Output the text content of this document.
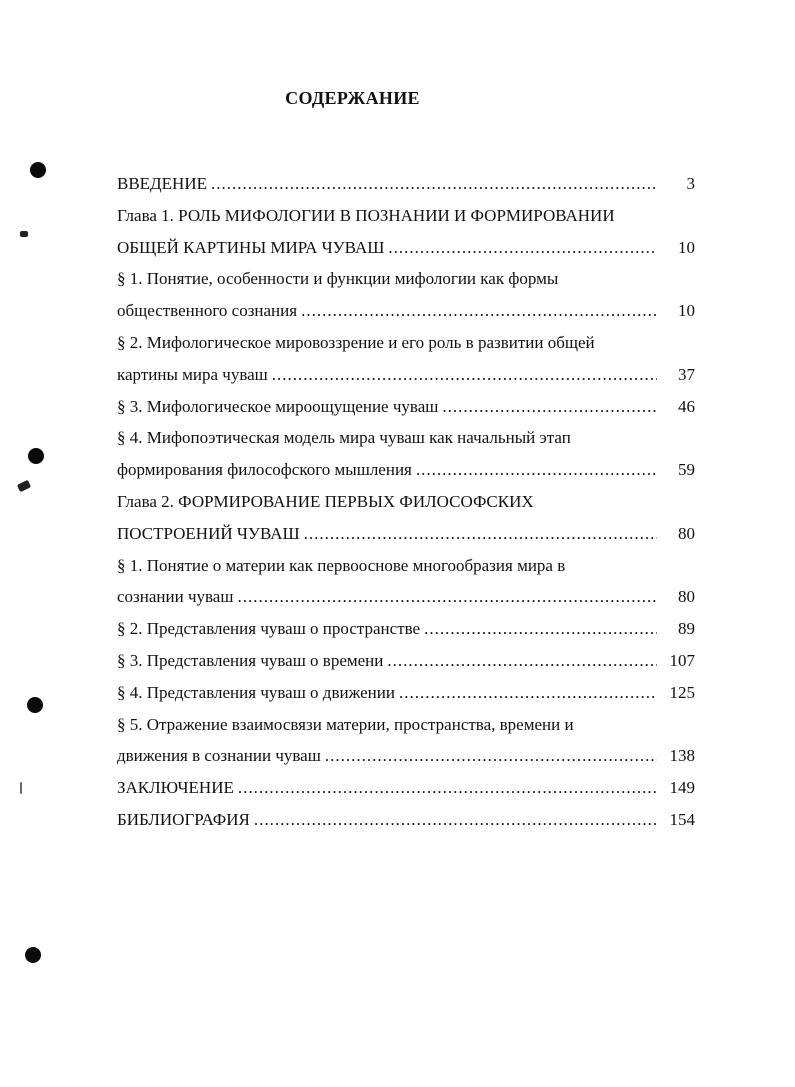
СОДЕРЖАНИЕ
ВВЕДЕНИЕ .....	3
Глава 1. РОЛЬ МИФОЛОГИИ В ПОЗНАНИИ И ФОРМИРОВАНИИ
ОБЩЕЙ КАРТИНЫ МИРА ЧУВАШ .....	10
§ 1. Понятие, особенности и функции мифологии как формы
общественного сознания .....	10
§ 2. Мифологическое мировоззрение и его роль в развитии общей
картины мира чуваш .....	37
§ 3. Мифологическое мироощущение чуваш .....	46
§ 4. Мифопоэтическая модель мира чуваш как начальный этап
формирования философского мышления .....	59
Глава 2. ФОРМИРОВАНИЕ ПЕРВЫХ ФИЛОСОФСКИХ
ПОСТРОЕНИЙ ЧУВАШ .....	80
§ 1. Понятие о материи как первооснове многообразия мира в
сознании чуваш .....	80
§ 2. Представления чуваш о пространстве .....	89
§ 3. Представления чуваш о времени .....	107
§ 4. Представления чуваш о движении .....	125
§ 5. Отражение взаимосвязи материи, пространства, времени и
движения в сознании чуваш .....	138
ЗАКЛЮЧЕНИЕ .....	149
БИБЛИОГРАФИЯ .....	154
